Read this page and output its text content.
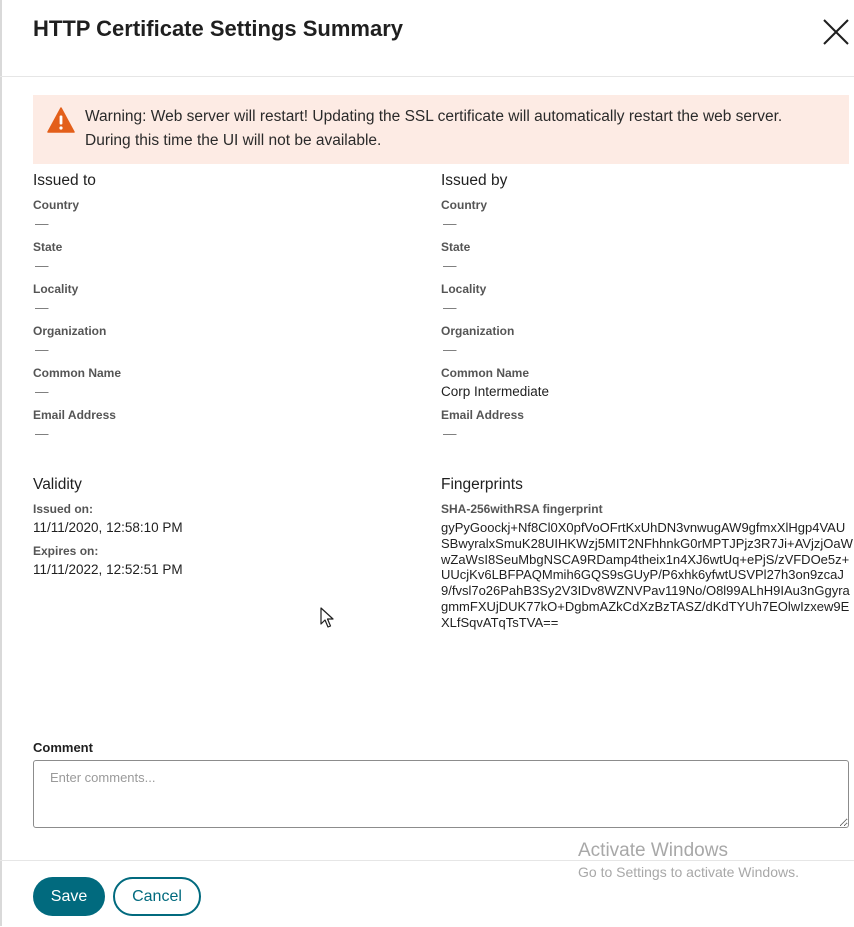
HTTP Certificate Settings Summary
Warning: Web server will restart! Updating the SSL certificate will automatically restart the web server. During this time the UI will not be available.
Issued to
Country
—
State
—
Locality
—
Organization
—
Common Name
—
Email Address
—
Issued by
Country
—
State
—
Locality
—
Organization
—
Common Name
Corp Intermediate
Email Address
—
Validity
Issued on:
11/11/2020, 12:58:10 PM
Expires on:
11/11/2022, 12:52:51 PM
Fingerprints
SHA-256withRSA fingerprint
gyPyGoockj+Nf8Cl0X0pfVoOFrtKxUhDN3vnwugAW9gfmxXlHgp4VAUSBwyralxSmuK28UIHKWzj5MIT2NFhhnkG0rMPTJPjz3R7Ji+AVjzjOaWwZaWsI8SeuMbgNSCA9RDamp4theix1n4XJ6wtUq+ePjS/zVFDOe5z+UUcjKv6LBFPAQMmih6GQS9sGUyP/P6xhk6yfwtUSVPl27h3on9zcaJ9/fvsl7o26PahB3Sy2V3IDv8WZNVPav119No/O8l99ALhH9IAu3nGgyragmmFXUjDUK77kO+DgbmAZkCdXzBzTASZ/dKdTYUh7EOlwIzxew9EXLfSqvATqTsTVA==
Comment
Enter comments...
Save	Cancel
Activate Windows
Go to Settings to activate Windows.
